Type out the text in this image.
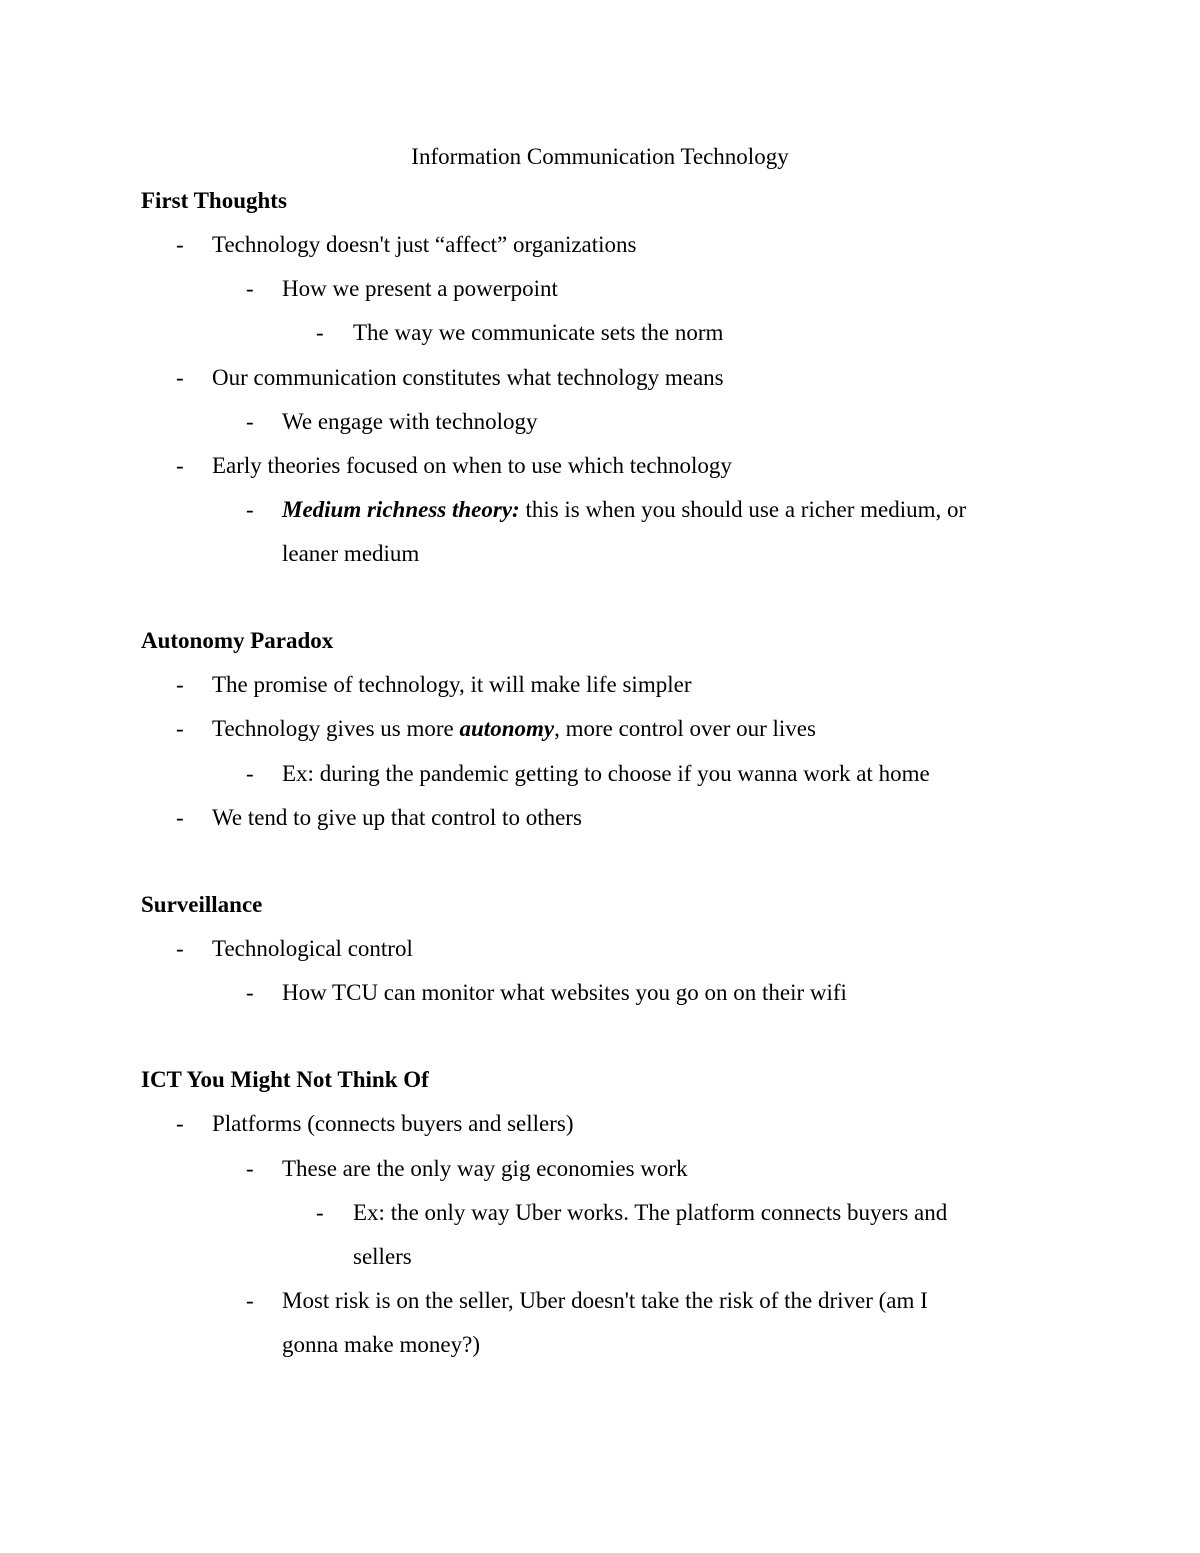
Information Communication Technology
First Thoughts
- Technology doesn't just “affect” organizations
- How we present a powerpoint
- The way we communicate sets the norm
- Our communication constitutes what technology means
- We engage with technology
- Early theories focused on when to use which technology
- Medium richness theory: this is when you should use a richer medium, or
leaner medium
Autonomy Paradox
- The promise of technology, it will make life simpler
- Technology gives us more autonomy, more control over our lives
- Ex: during the pandemic getting to choose if you wanna work at home
- We tend to give up that control to others
Surveillance
- Technological control
- How TCU can monitor what websites you go on on their wifi
ICT You Might Not Think Of
- Platforms (connects buyers and sellers)
- These are the only way gig economies work
- Ex: the only way Uber works. The platform connects buyers and
sellers
- Most risk is on the seller, Uber doesn't take the risk of the driver (am I
gonna make money?)
